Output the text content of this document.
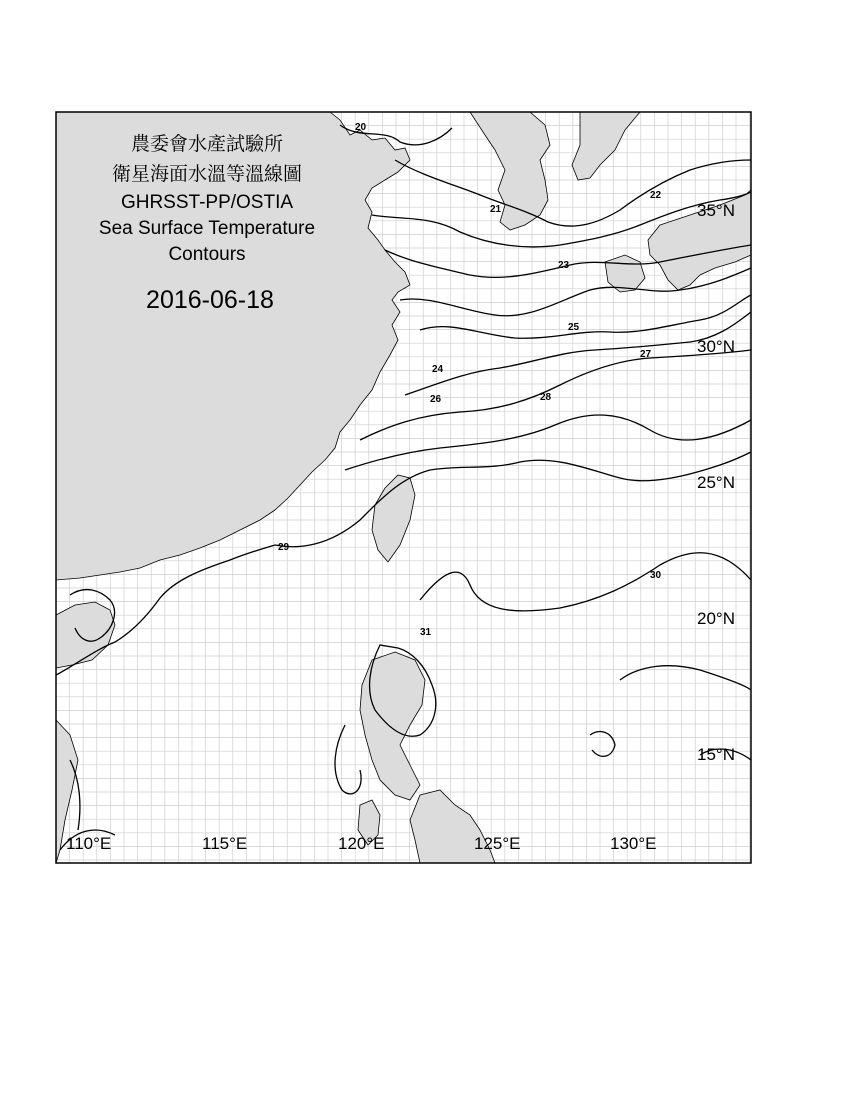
20
21
22
23
24
25
26
27
28
29
30
31
農委會水產試驗所
衛星海面水溫等溫線圖
GHRSST-PP/OSTIA
Sea Surface Temperature
Contours
2016-06-18
110°E	115°E	120°E	125°E	130°E
35°N
30°N
25°N
20°N
15°N
